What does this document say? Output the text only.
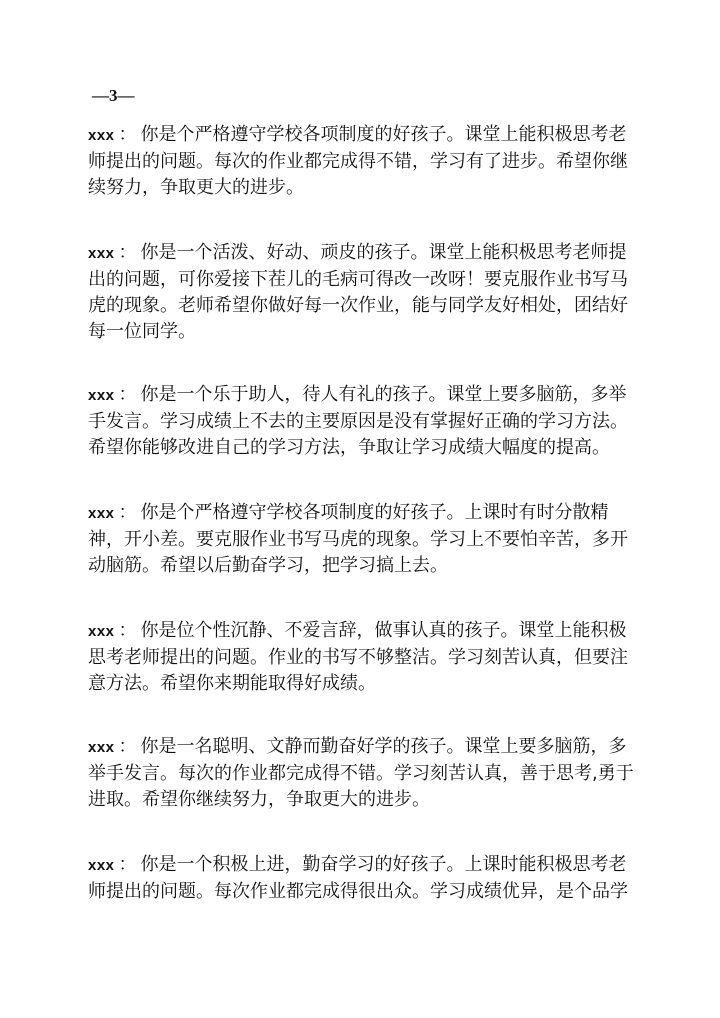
—3—

xxx ： 你是个严格遵守学校各项制度的好孩子。课堂上能积极思考老师提出的问题。每次的作业都完成得不错，学习有了进步。希望你继续努力，争取更大的进步。

xxx ： 你是一个活泼、好动、顽皮的孩子。课堂上能积极思考老师提出的问题，可你爱接下茬儿的毛病可得改一改呀！要克服作业书写马虎的现象。老师希望你做好每一次作业，能与同学友好相处，团结好每一位同学。

xxx ： 你是一个乐于助人，待人有礼的孩子。课堂上要多脑筋，多举手发言。学习成绩上不去的主要原因是没有掌握好正确的学习方法。希望你能够改进自己的学习方法，争取让学习成绩大幅度的提高。

xxx ： 你是个严格遵守学校各项制度的好孩子。上课时有时分散精神，开小差。要克服作业书写马虎的现象。学习上不要怕辛苦，多开动脑筋。希望以后勤奋学习，把学习搞上去。

xxx ： 你是位个性沉静、不爱言辞，做事认真的孩子。课堂上能积极思考老师提出的问题。作业的书写不够整洁。学习刻苦认真，但要注意方法。希望你来期能取得好成绩。

xxx ： 你是一名聪明、文静而勤奋好学的孩子。课堂上要多脑筋，多举手发言。每次的作业都完成得不错。学习刻苦认真，善于思考,勇于进取。希望你继续努力，争取更大的进步。

xxx ： 你是一个积极上进，勤奋学习的好孩子。上课时能积极思考老师提出的问题。每次作业都完成得很出众。学习成绩优异，是个品学
